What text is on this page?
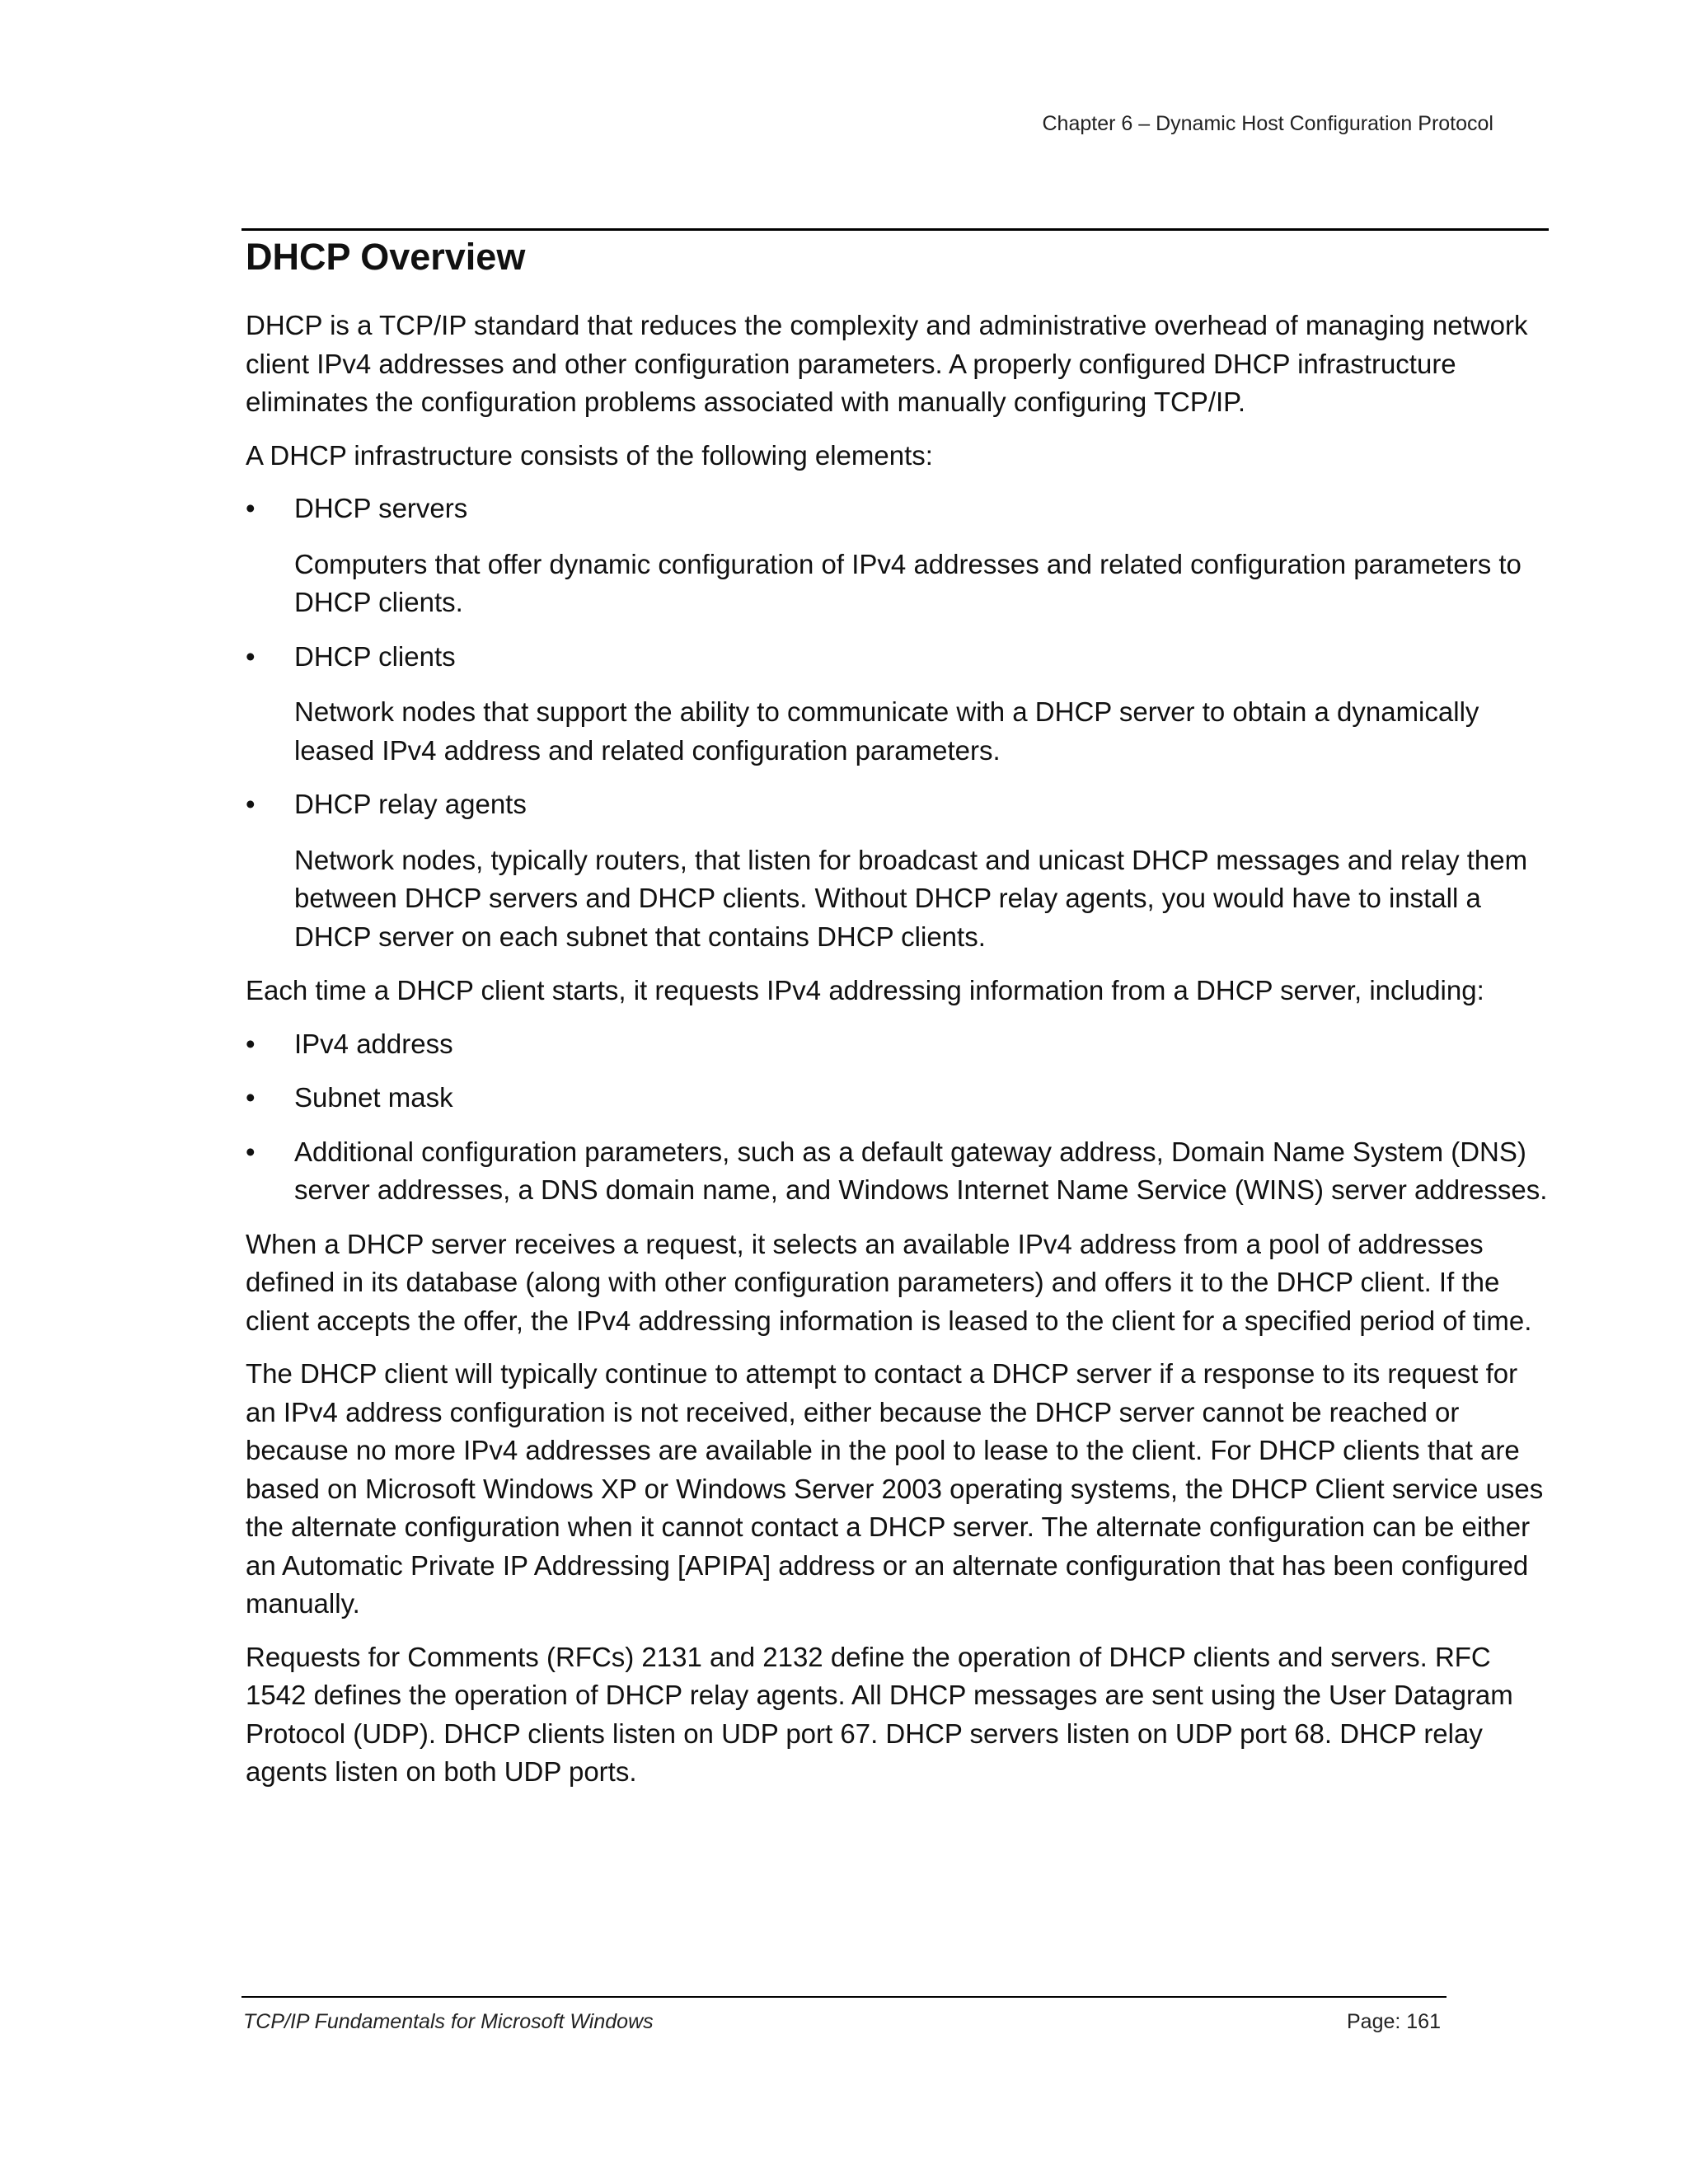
Chapter 6 – Dynamic Host Configuration Protocol
DHCP Overview

DHCP is a TCP/IP standard that reduces the complexity and administrative overhead of managing network client IPv4 addresses and other configuration parameters. A properly configured DHCP infrastructure eliminates the configuration problems associated with manually configuring TCP/IP.

A DHCP infrastructure consists of the following elements:

• DHCP servers
Computers that offer dynamic configuration of IPv4 addresses and related configuration parameters to DHCP clients.
• DHCP clients
Network nodes that support the ability to communicate with a DHCP server to obtain a dynamically leased IPv4 address and related configuration parameters.
• DHCP relay agents
Network nodes, typically routers, that listen for broadcast and unicast DHCP messages and relay them between DHCP servers and DHCP clients. Without DHCP relay agents, you would have to install a DHCP server on each subnet that contains DHCP clients.

Each time a DHCP client starts, it requests IPv4 addressing information from a DHCP server, including:

• IPv4 address
• Subnet mask
• Additional configuration parameters, such as a default gateway address, Domain Name System (DNS) server addresses, a DNS domain name, and Windows Internet Name Service (WINS) server addresses.

When a DHCP server receives a request, it selects an available IPv4 address from a pool of addresses defined in its database (along with other configuration parameters) and offers it to the DHCP client. If the client accepts the offer, the IPv4 addressing information is leased to the client for a specified period of time.

The DHCP client will typically continue to attempt to contact a DHCP server if a response to its request for an IPv4 address configuration is not received, either because the DHCP server cannot be reached or because no more IPv4 addresses are available in the pool to lease to the client. For DHCP clients that are based on Microsoft Windows XP or Windows Server 2003 operating systems, the DHCP Client service uses the alternate configuration when it cannot contact a DHCP server. The alternate configuration can be either an Automatic Private IP Addressing [APIPA] address or an alternate configuration that has been configured manually.

Requests for Comments (RFCs) 2131 and 2132 define the operation of DHCP clients and servers. RFC 1542 defines the operation of DHCP relay agents. All DHCP messages are sent using the User Datagram Protocol (UDP). DHCP clients listen on UDP port 67. DHCP servers listen on UDP port 68. DHCP relay agents listen on both UDP ports.

TCP/IP Fundamentals for Microsoft Windows	Page: 161
